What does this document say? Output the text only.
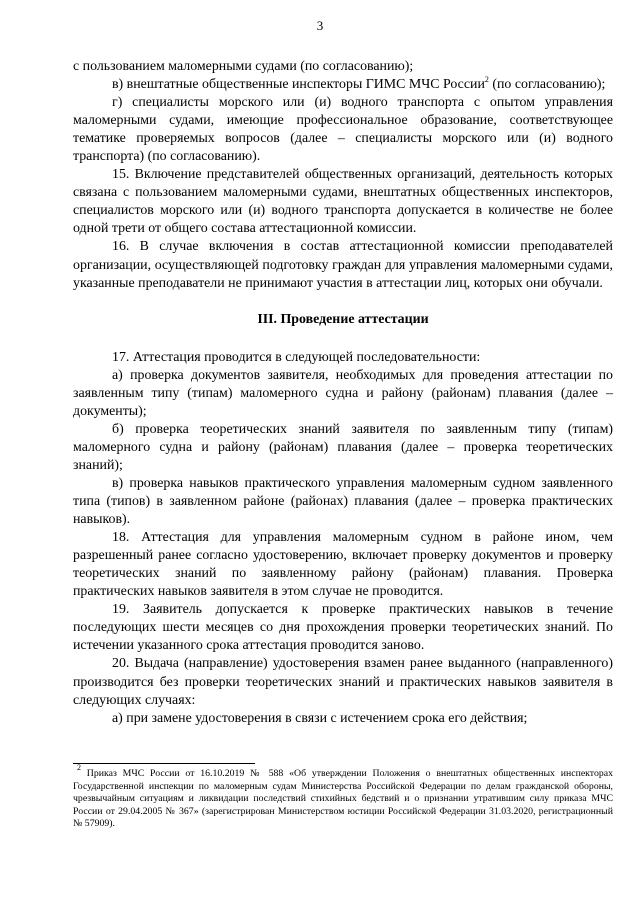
3

с пользованием маломерными судами (по согласованию);

в) внештатные общественные инспекторы ГИМС МЧС России$^2$ (по согласованию);

г) специалисты морского или (и) водного транспорта с опытом управления маломерными судами, имеющие профессиональное образование, соответствующее тематике проверяемых вопросов (далее – специалисты морского или (и) водного транспорта) (по согласованию).

15. Включение представителей общественных организаций, деятельность которых связана с пользованием маломерными судами, внештатных общественных инспекторов, специалистов морского или (и) водного транспорта допускается в количестве не более одной трети от общего состава аттестационной комиссии.

16. В случае включения в состав аттестационной комиссии преподавателей организации, осуществляющей подготовку граждан для управления маломерными судами, указанные преподаватели не принимают участия в аттестации лиц, которых они обучали.

III. Проведение аттестации

17. Аттестация проводится в следующей последовательности:

а) проверка документов заявителя, необходимых для проведения аттестации по заявленным типу (типам) маломерного судна и району (районам) плавания (далее – документы);

б) проверка теоретических знаний заявителя по заявленным типу (типам) маломерного судна и району (районам) плавания (далее – проверка теоретических знаний);

в) проверка навыков практического управления маломерным судном заявленного типа (типов) в заявленном районе (районах) плавания (далее – проверка практических навыков).

18. Аттестация для управления маломерным судном в районе ином, чем разрешенный ранее согласно удостоверению, включает проверку документов и проверку теоретических знаний по заявленному району (районам) плавания. Проверка практических навыков заявителя в этом случае не проводится.

19. Заявитель допускается к проверке практических навыков в течение последующих шести месяцев со дня прохождения проверки теоретических знаний. По истечении указанного срока аттестация проводится заново.

20. Выдача (направление) удостоверения взамен ранее выданного (направленного) производится без проверки теоретических знаний и практических навыков заявителя в следующих случаях:

а) при замене удостоверения в связи с истечением срока его действия;

$^2$ Приказ МЧС России от 16.10.2019 № 588 «Об утверждении Положения о внештатных общественных инспекторах Государственной инспекции по маломерным судам Министерства Российской Федерации по делам гражданской обороны, чрезвычайным ситуациям и ликвидации последствий стихийных бедствий и о признании утратившим силу приказа МЧС России от 29.04.2005 № 367» (зарегистрирован Министерством юстиции Российской Федерации 31.03.2020, регистрационный № 57909).
